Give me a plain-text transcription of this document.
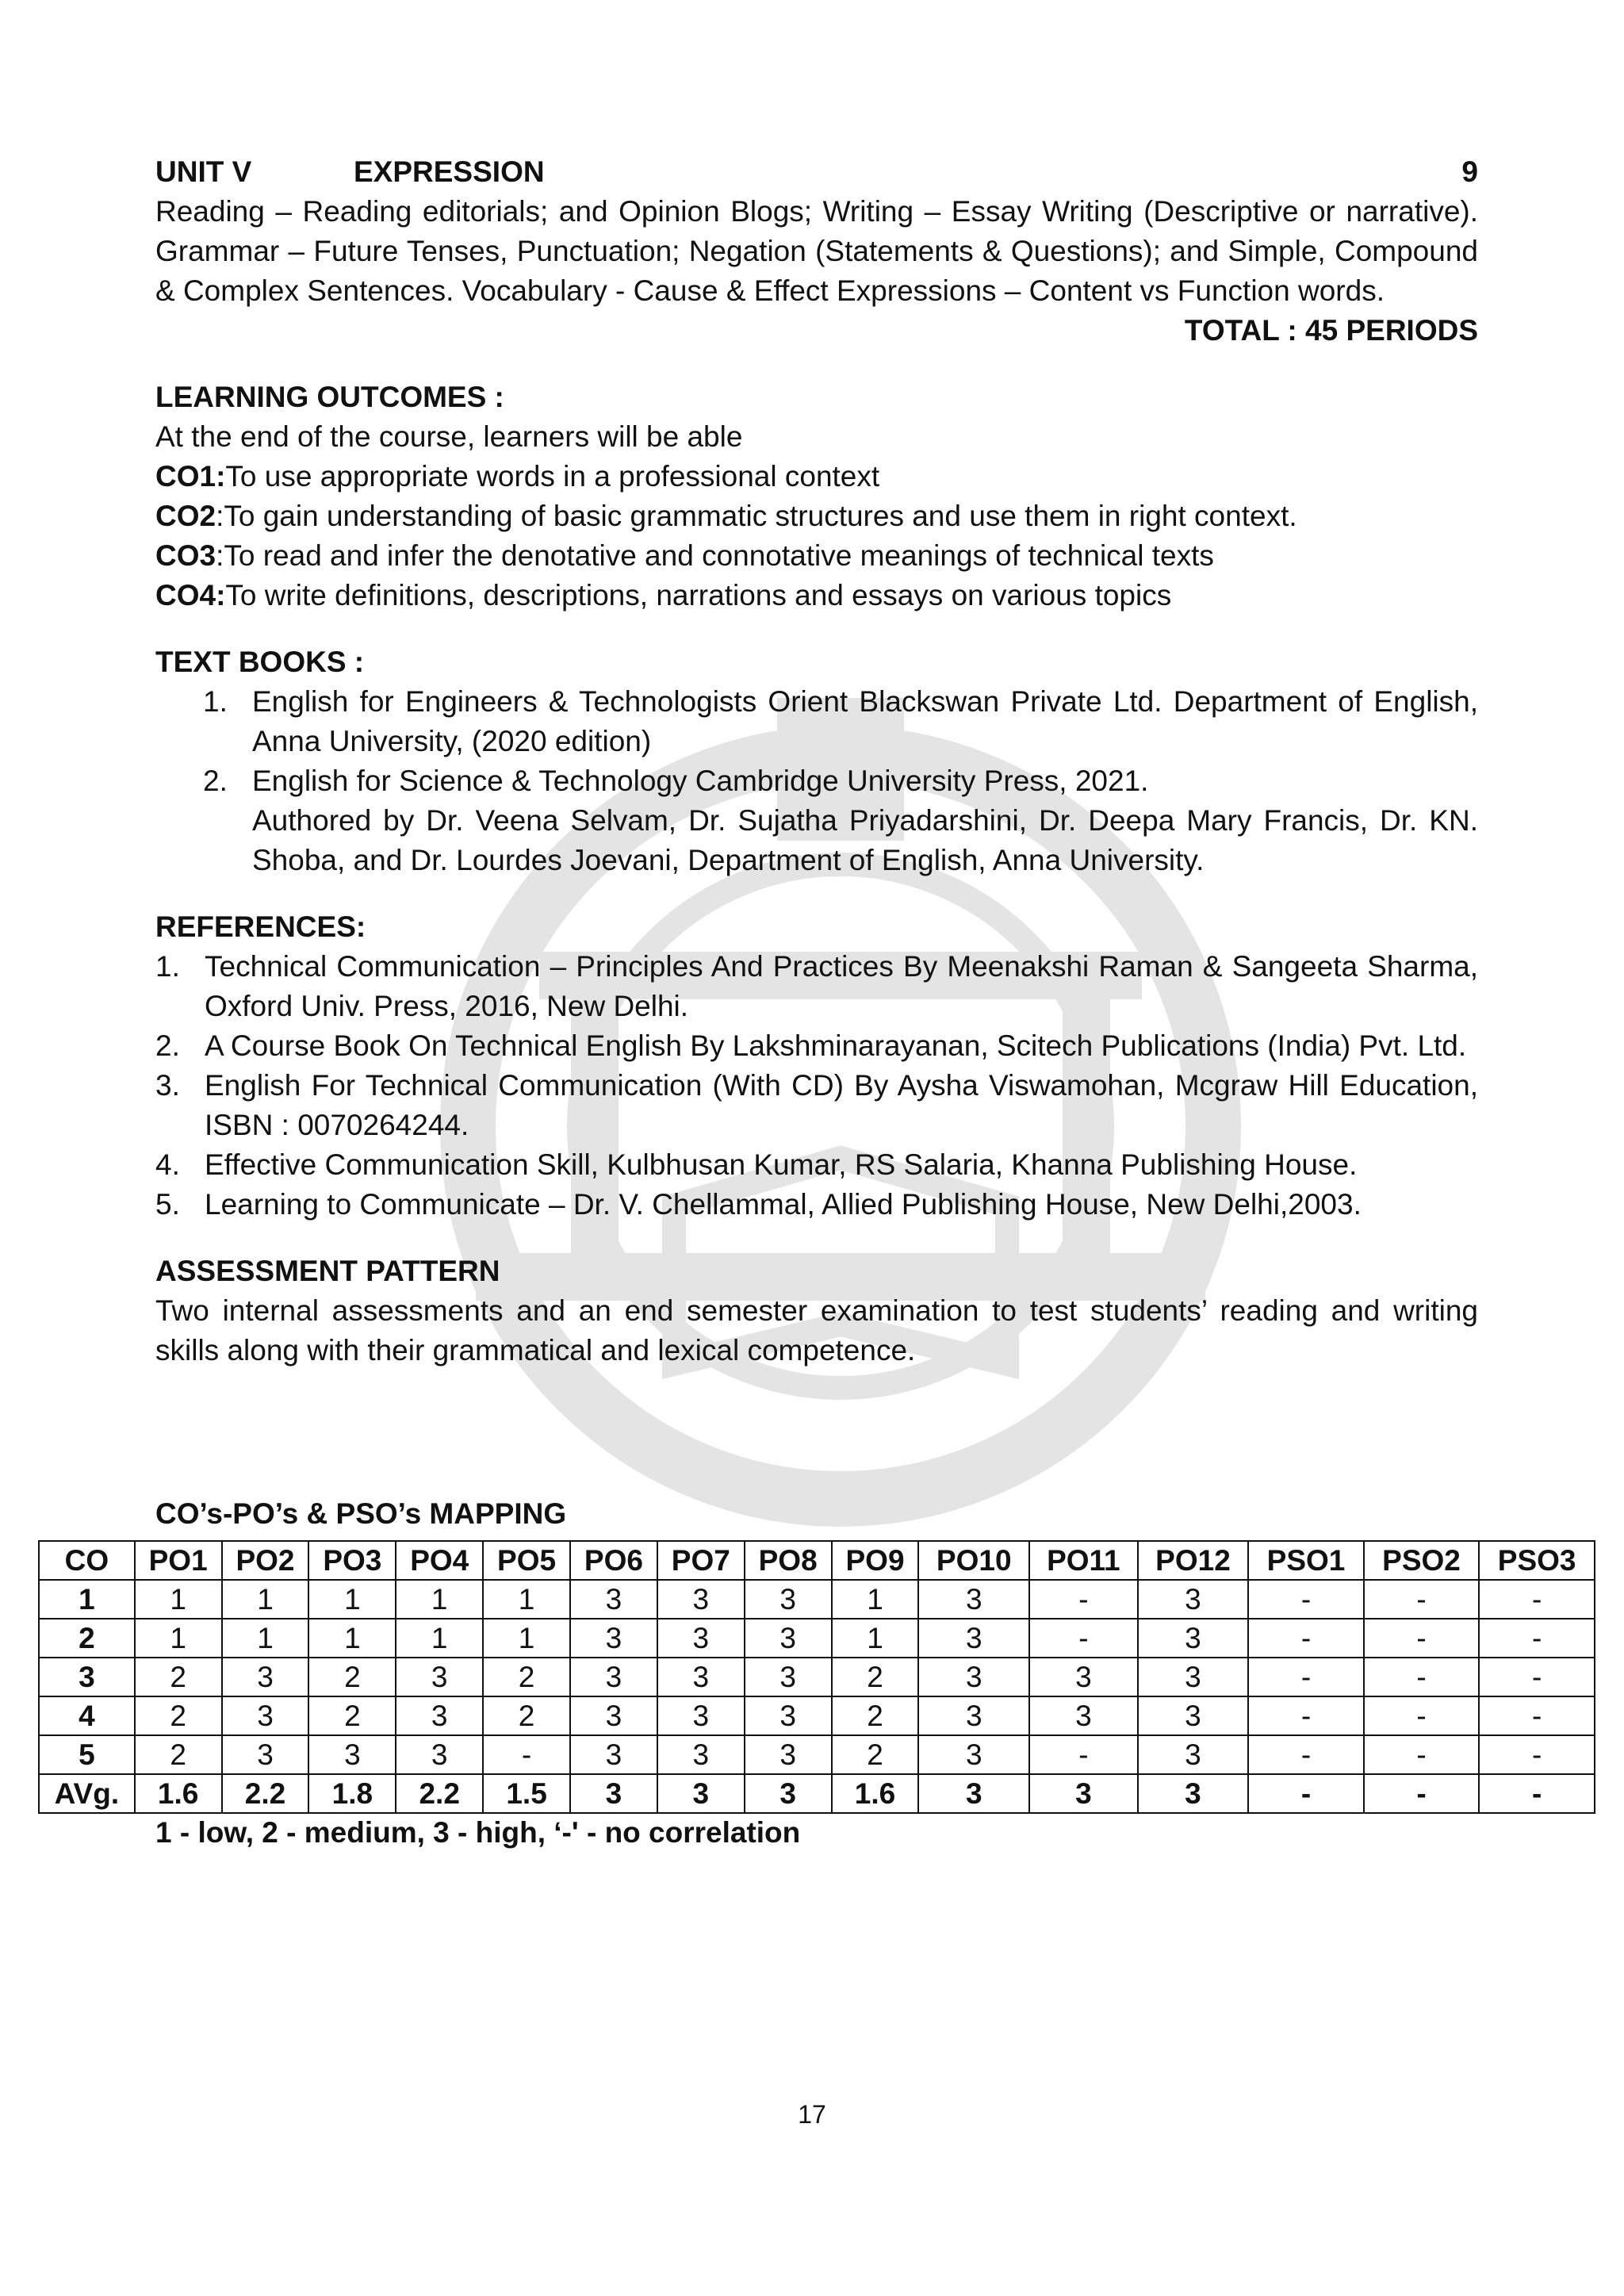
UNIT V	EXPRESSION	9

Reading – Reading editorials; and Opinion Blogs; Writing – Essay Writing (Descriptive or narrative). Grammar – Future Tenses, Punctuation; Negation (Statements & Questions); and Simple, Compound & Complex Sentences. Vocabulary - Cause & Effect Expressions – Content vs Function words.

TOTAL : 45 PERIODS
LEARNING OUTCOMES :
At the end of the course, learners will be able
CO1:To use appropriate words in a professional context
CO2:To gain understanding of basic grammatic structures and use them in right context.
CO3:To read and infer the denotative and connotative meanings of technical texts
CO4:To write definitions, descriptions, narrations and essays on various topics
TEXT BOOKS :
1. English for Engineers & Technologists Orient Blackswan Private Ltd. Department of English, Anna University, (2020 edition)
2. English for Science & Technology Cambridge University Press, 2021.
Authored by Dr. Veena Selvam, Dr. Sujatha Priyadarshini, Dr. Deepa Mary Francis, Dr. KN. Shoba, and Dr. Lourdes Joevani, Department of English, Anna University.
REFERENCES:
1. Technical Communication – Principles And Practices By Meenakshi Raman & Sangeeta Sharma, Oxford Univ. Press, 2016, New Delhi.
2. A Course Book On Technical English By Lakshminarayanan, Scitech Publications (India) Pvt. Ltd.
3. English For Technical Communication (With CD) By Aysha Viswamohan, Mcgraw Hill Education, ISBN : 0070264244.
4. Effective Communication Skill, Kulbhusan Kumar, RS Salaria, Khanna Publishing House.
5. Learning to Communicate – Dr. V. Chellammal, Allied Publishing House, New Delhi,2003.
ASSESSMENT PATTERN

Two internal assessments and an end semester examination to test students’ reading and writing skills along with their grammatical and lexical competence.

CO’s-PO’s & PSO’s MAPPING
CO	PO1	PO2	PO3	PO4	PO5	PO6	PO7	PO8	PO9	PO10	PO11	PO12	PSO1	PSO2	PSO3
1	1	1	1	1	1	3	3	3	1	3	-	3	-	-	-
2	1	1	1	1	1	3	3	3	1	3	-	3	-	-	-
3	2	3	2	3	2	3	3	3	2	3	3	3	-	-	-
4	2	3	2	3	2	3	3	3	2	3	3	3	-	-	-
5	2	3	3	3	-	3	3	3	2	3	-	3	-	-	-
AVg.	1.6	2.2	1.8	2.2	1.5	3	3	3	1.6	3	3	3	-	-	-
1 - low, 2 - medium, 3 - high, ‘-' - no correlation
17
